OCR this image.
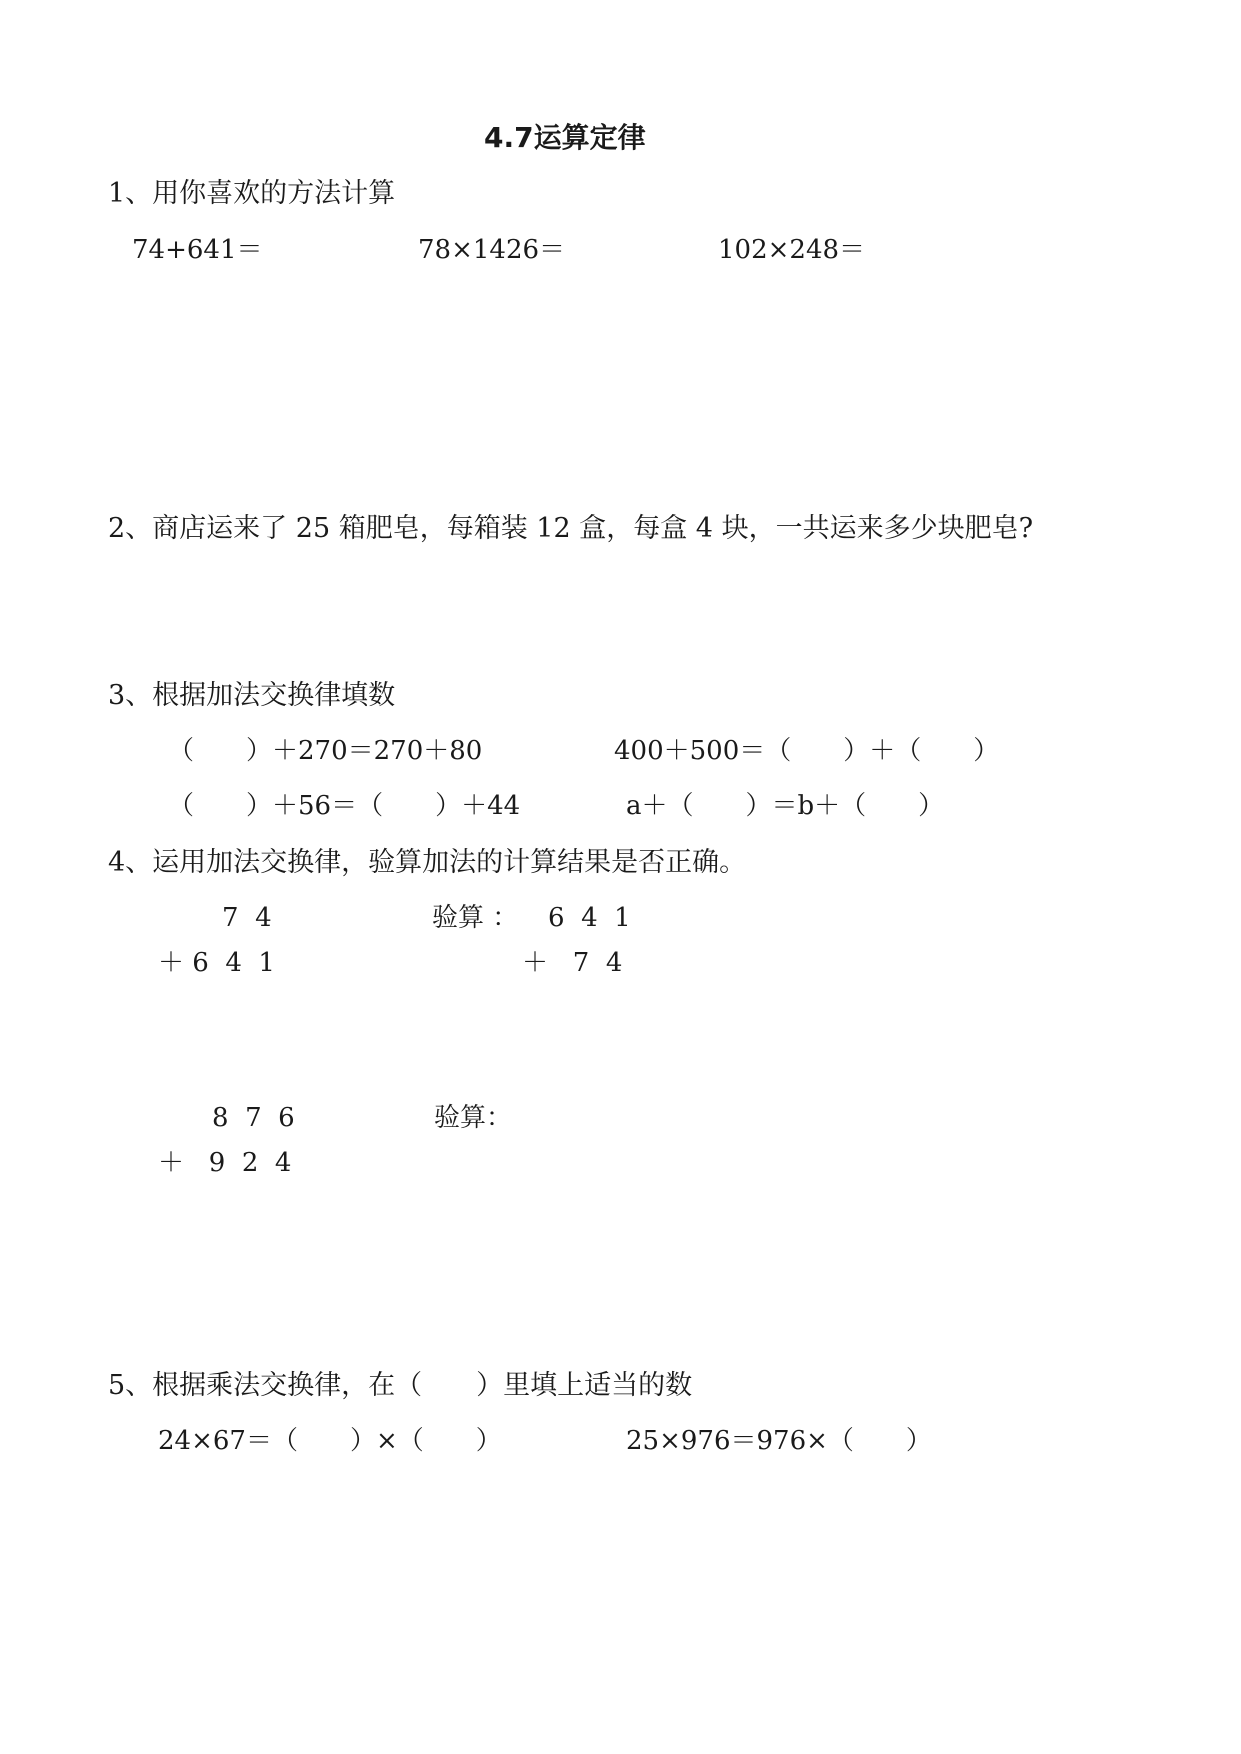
4.7运算定律
1、用你喜欢的方法计算
74+641＝	78×1426＝	102×248＝
2、商店运来了 25 箱肥皂，每箱装 12 盒，每盒 4 块，一共运来多少块肥皂?
3、根据加法交换律填数
（　　）＋270＝270＋80	400＋500＝（　　）＋（　　）
（　　）＋56＝（　　）＋44	a＋（　　）＝b＋（　　）
4、运用加法交换律，验算加法的计算结果是否正确。
7  4
＋ 6  4  1
验算 ： 6  4  1
＋   7  4
8  7  6
＋   9  2  4
验算：
5、根据乘法交换律，在（　　）里填上适当的数
24×67＝（　　）×（　　）	25×976＝976×（　　）
